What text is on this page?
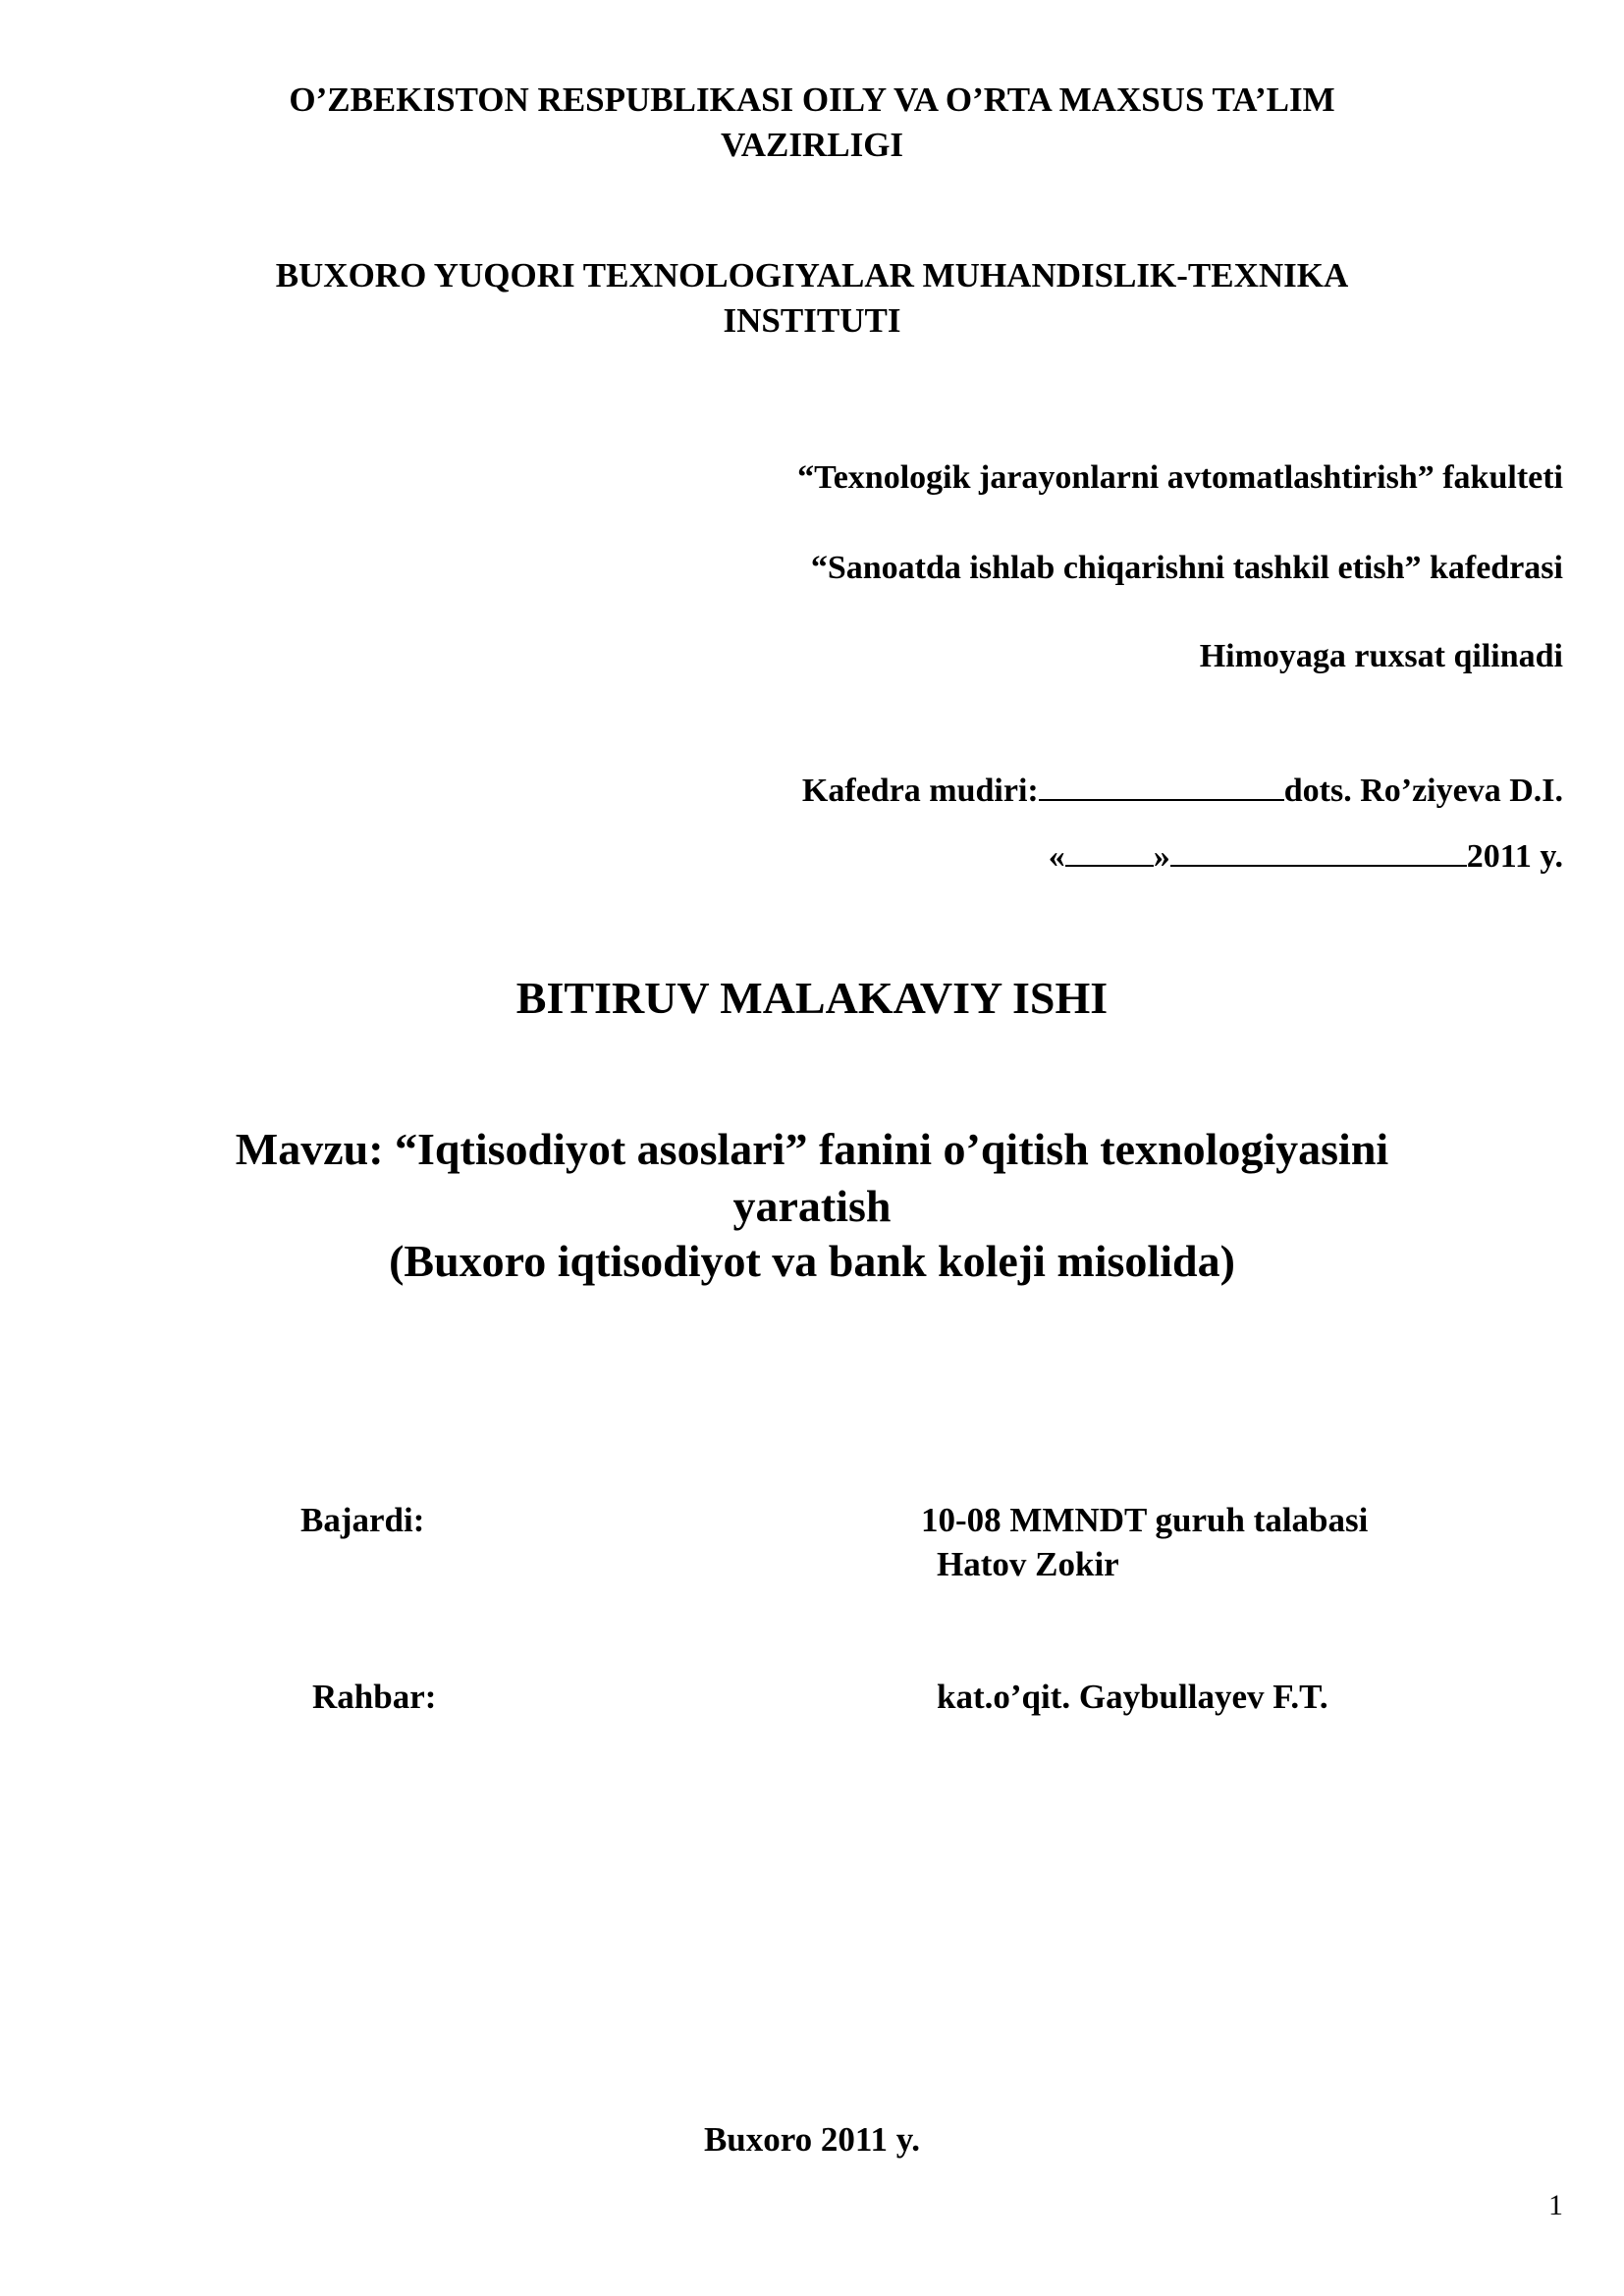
O’ZBEKISTON RESPUBLIKASI OILY VA O’RTA MAXSUS TA’LIM
VAZIRLIGI
BUXORO YUQORI TEXNOLOGIYALAR MUHANDISLIK-TEXNIKA
INSTITUTI
“Texnologik jarayonlarni avtomatlashtirish” fakulteti
“Sanoatda ishlab chiqarishni tashkil etish” kafedrasi
Himoyaga ruxsat qilinadi
Kafedra mudiri:	dots. Ro’ziyeva D.I.
«	»	2011 y.
BITIRUV MALAKAVIY ISHI
Mavzu: “Iqtisodiyot asoslari” fanini o’qitish texnologiyasini
yaratish
(Buxoro iqtisodiyot va bank koleji misolida)
Bajardi:	10-08 MMNDT guruh talabasi
Hatov Zokir
Rahbar:	kat.o’qit. Gaybullayev F.T.
Buxoro 2011 y.
1
